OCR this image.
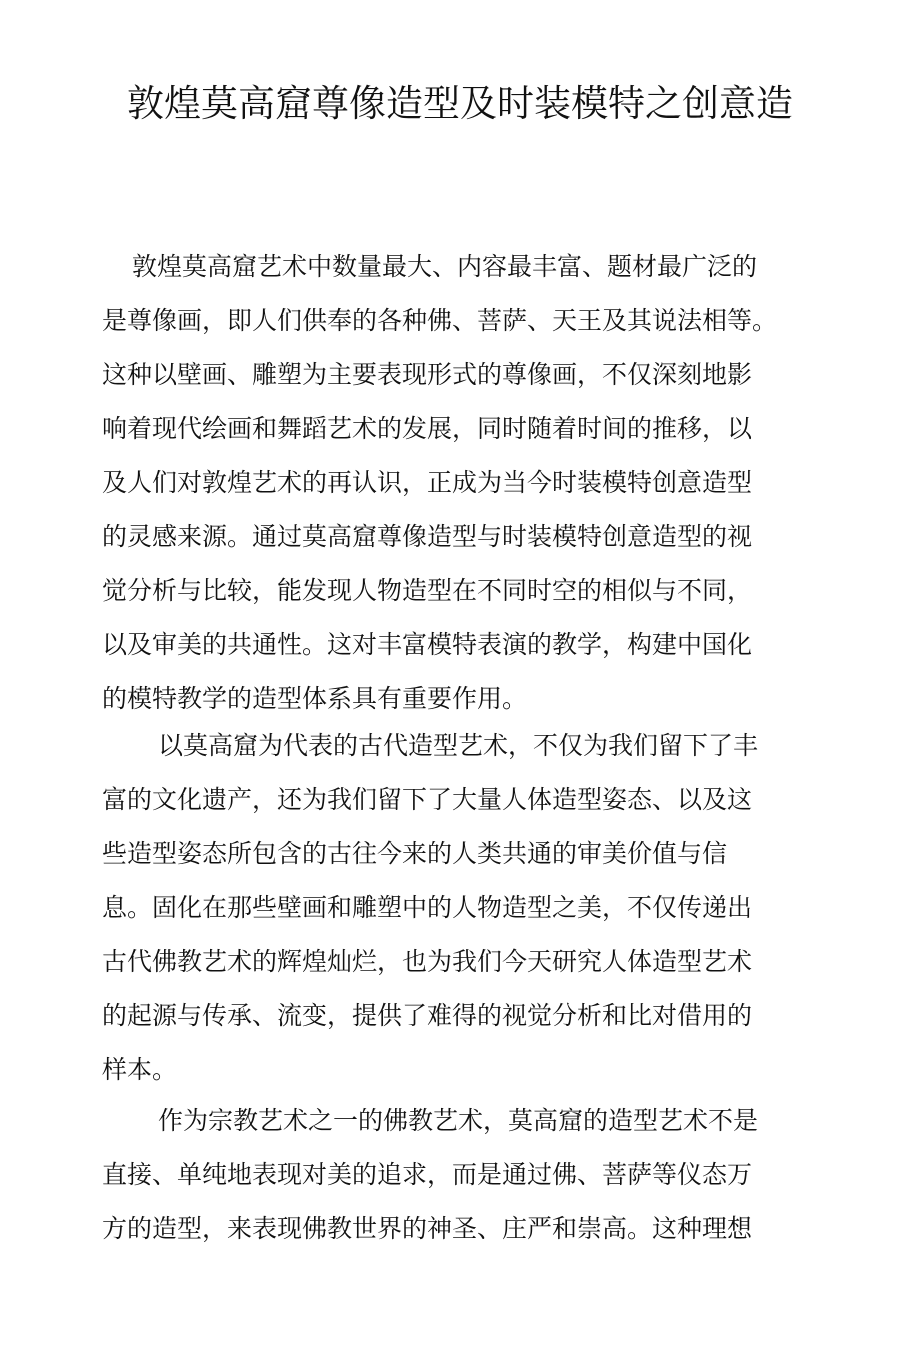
敦煌莫高窟尊像造型及时装模特之创意造
敦煌莫高窟艺术中数量最大、内容最丰富、题材最广泛的
是尊像画，即人们供奉的各种佛、菩萨、天王及其说法相等。
这种以壁画、雕塑为主要表现形式的尊像画，不仅深刻地影
响着现代绘画和舞蹈艺术的发展，同时随着时间的推移，以
及人们对敦煌艺术的再认识，正成为当今时装模特创意造型
的灵感来源。通过莫高窟尊像造型与时装模特创意造型的视
觉分析与比较，能发现人物造型在不同时空的相似与不同，
以及审美的共通性。这对丰富模特表演的教学，构建中国化
的模特教学的造型体系具有重要作用。
以莫高窟为代表的古代造型艺术，不仅为我们留下了丰
富的文化遗产，还为我们留下了大量人体造型姿态、以及这
些造型姿态所包含的古往今来的人类共通的审美价值与信
息。固化在那些壁画和雕塑中的人物造型之美，不仅传递出
古代佛教艺术的辉煌灿烂，也为我们今天研究人体造型艺术
的起源与传承、流变，提供了难得的视觉分析和比对借用的
样本。
作为宗教艺术之一的佛教艺术，莫高窟的造型艺术不是
直接、单纯地表现对美的追求，而是通过佛、菩萨等仪态万
方的造型，来表现佛教世界的神圣、庄严和崇高。这种理想
